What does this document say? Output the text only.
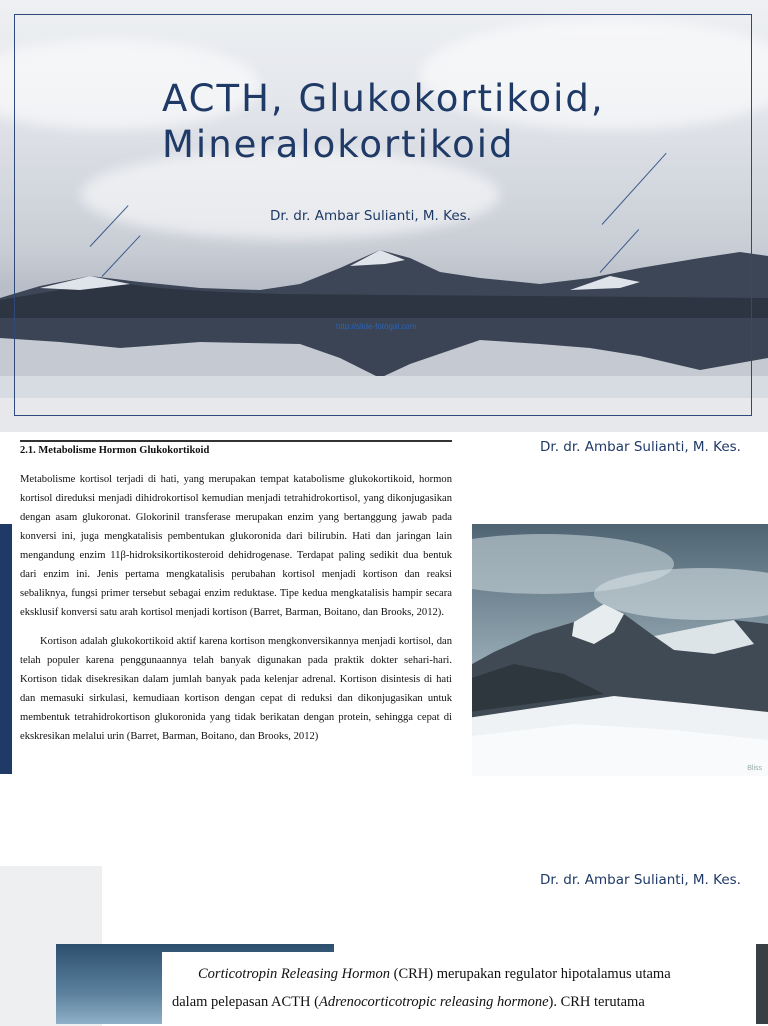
ACTH, Glukokortikoid,
Mineralokortikoid
Dr. dr. Ambar Sulianti, M. Kes.
http://slide-fotogal.com
Dr. dr. Ambar Sulianti, M. Kes.
Bliss
2.1. Metabolisme Hormon Glukokortikoid
Metabolisme kortisol terjadi di hati, yang merupakan tempat katabolisme glukokortikoid, hormon kortisol direduksi menjadi dihidrokortisol kemudian menjadi tetrahidrokortisol, yang dikonjugasikan dengan asam glukoronat. Glokorinil transferase merupakan enzim yang bertanggung jawab pada konversi ini, juga mengkatalisis pembentukan glukoronida dari bilirubin. Hati dan jaringan lain mengandung enzim 11β-hidroksikortikosteroid dehidrogenase. Terdapat paling sedikit dua bentuk dari enzim ini. Jenis pertama mengkatalisis perubahan kortisol menjadi kortison dan reaksi sebaliknya, fungsi primer tersebut sebagai enzim reduktase. Tipe kedua mengkatalisis hampir secara eksklusif konversi satu arah kortisol menjadi kortison (Barret, Barman, Boitano, dan Brooks, 2012).
Kortison adalah glukokortikoid aktif karena kortison mengkonversikannya menjadi kortisol, dan telah populer karena penggunaannya telah banyak digunakan pada praktik dokter sehari-hari. Kortison tidak disekresikan dalam jumlah banyak pada kelenjar adrenal. Kortison disintesis di hati dan memasuki sirkulasi, kemudiaan kortison dengan cepat di reduksi dan dikonjugasikan untuk membentuk tetrahidrokortison glukoronida yang tidak berikatan dengan protein, sehingga cepat di ekskresikan melalui urin (Barret, Barman, Boitano, dan Brooks, 2012)
Dr. dr. Ambar Sulianti, M. Kes.
Corticotropin Releasing Hormon (CRH) merupakan regulator hipotalamus utama
dalam pelepasan ACTH (Adrenocorticotropic releasing hormone). CRH terutama
